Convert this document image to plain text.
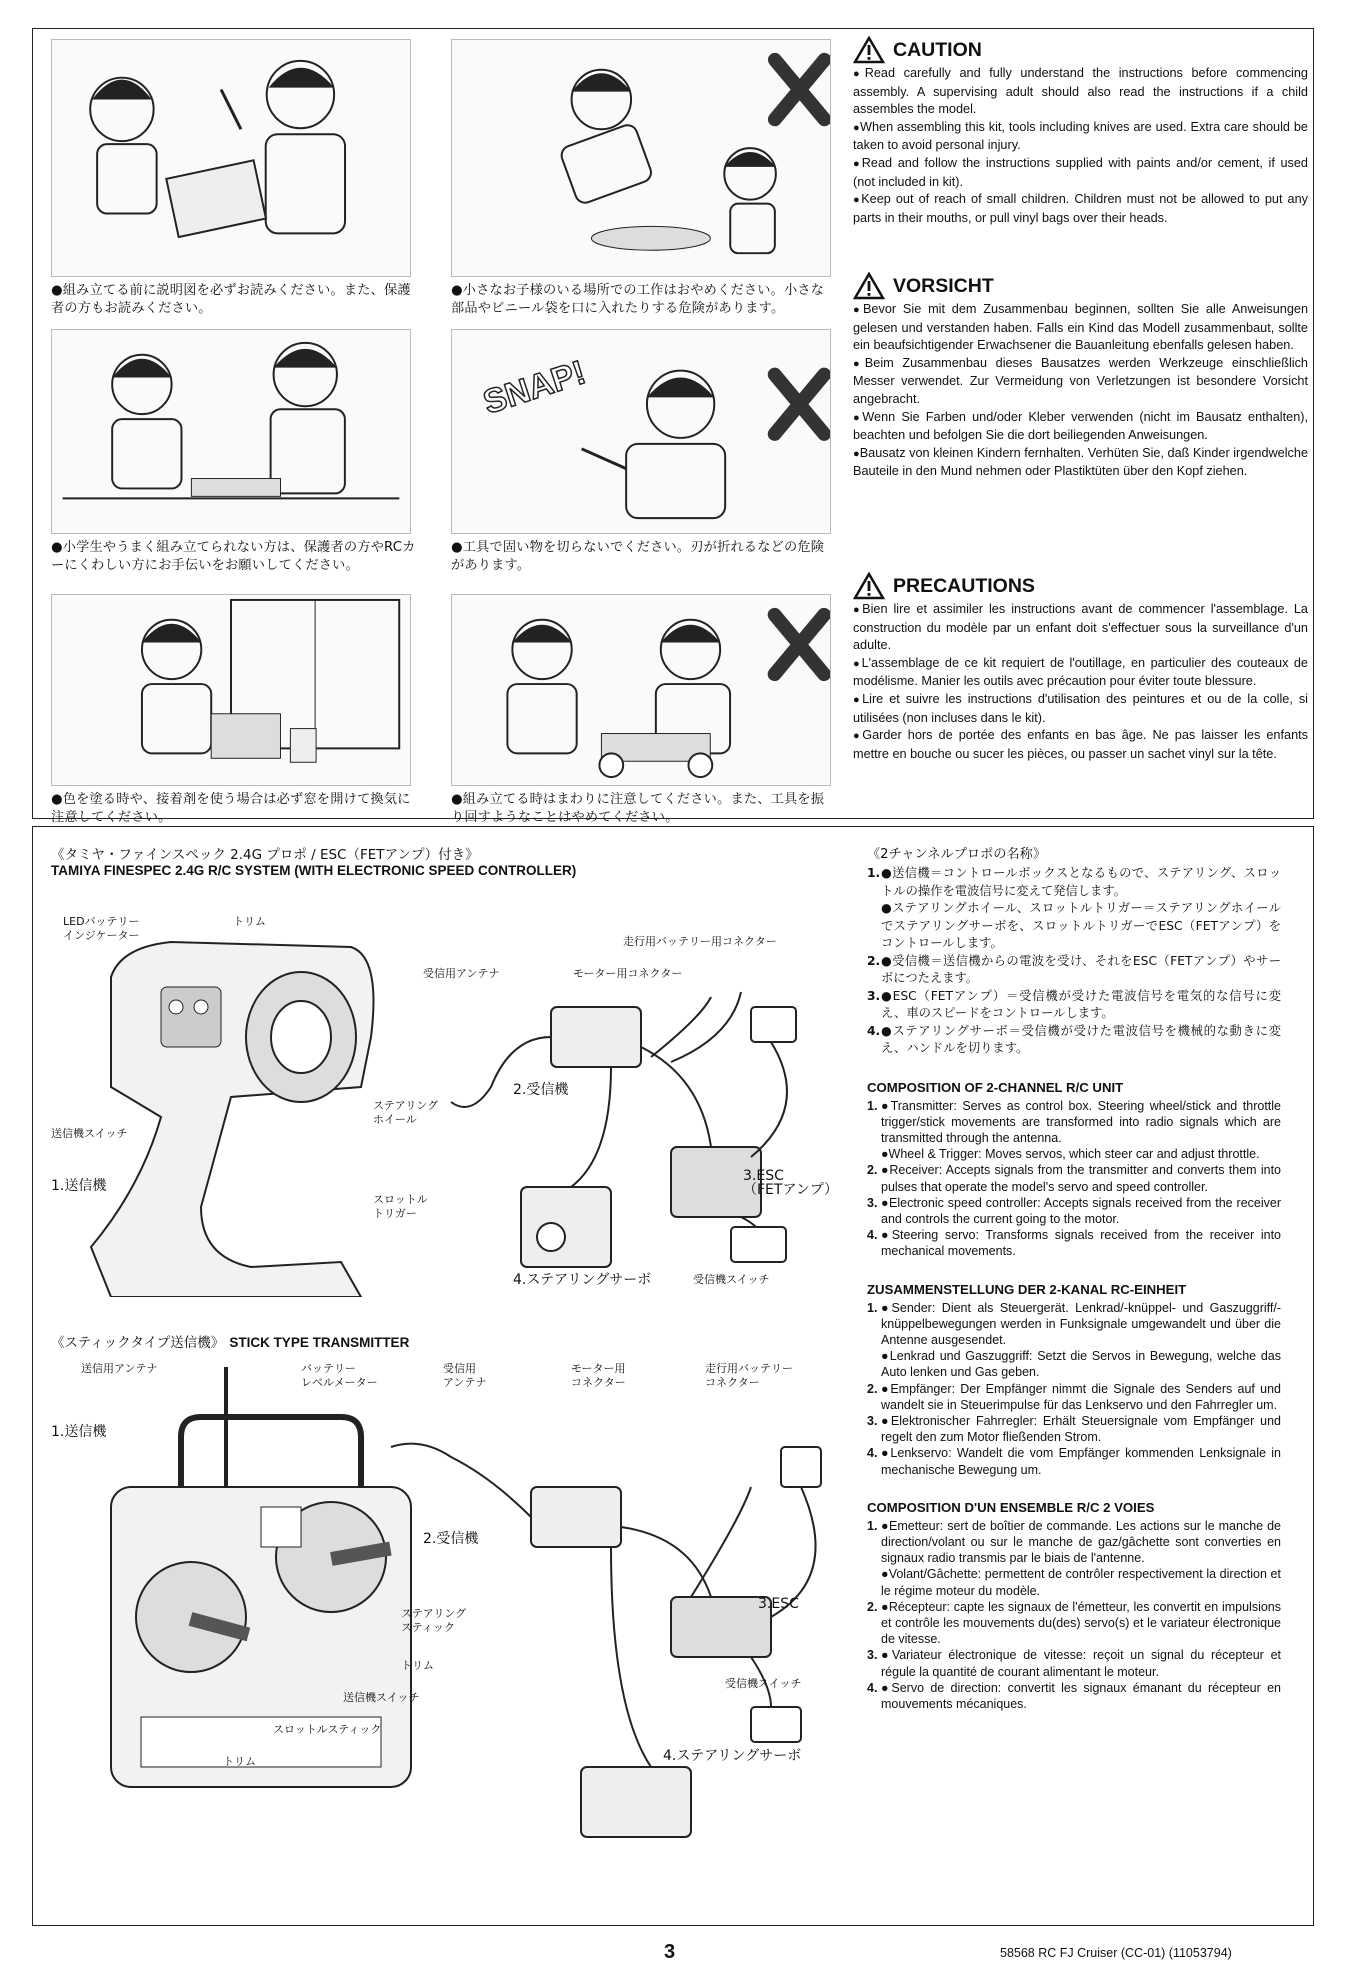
●組み立てる前に説明図を必ずお読みください。また、保護者の方もお読みください。
●小学生やうまく組み立てられない方は、保護者の方やRCカーにくわしい方にお手伝いをお願いしてください。
●色を塗る時や、接着剤を使う場合は必ず窓を開けて換気に注意してください。
●小さなお子様のいる場所での工作はおやめください。小さな部品やビニール袋を口に入れたりする危険があります。
SNAP!
●工具で固い物を切らないでください。刃が折れるなどの危険があります。
●組み立てる時はまわりに注意してください。また、工具を振り回すようなことはやめてください。
CAUTION

●Read carefully and fully understand the instructions before commencing assembly. A supervising adult should also read the instructions if a child assembles the model.

●When assembling this kit, tools including knives are used. Extra care should be taken to avoid personal injury.

●Read and follow the instructions supplied with paints and/or cement, if used (not included in kit).

●Keep out of reach of small children. Children must not be allowed to put any parts in their mouths, or pull vinyl bags over their heads.

VORSICHT

●Bevor Sie mit dem Zusammenbau beginnen, sollten Sie alle Anweisungen gelesen und verstanden haben. Falls ein Kind das Modell zusammenbaut, sollte ein beaufsichtigender Erwachsener die Bauanleitung ebenfalls gelesen haben.

●Beim Zusammenbau dieses Bausatzes werden Werkzeuge einschließlich Messer verwendet. Zur Vermeidung von Verletzungen ist besondere Vorsicht angebracht.

●Wenn Sie Farben und/oder Kleber verwenden (nicht im Bausatz enthalten), beachten und befolgen Sie die dort beiliegenden Anweisungen.

●Bausatz von kleinen Kindern fernhalten. Verhüten Sie, daß Kinder irgendwelche Bauteile in den Mund nehmen oder Plastiktüten über den Kopf ziehen.

PRECAUTIONS

●Bien lire et assimiler les instructions avant de commencer l'assemblage. La construction du modèle par un enfant doit s'effectuer sous la surveillance d'un adulte.

●L'assemblage de ce kit requiert de l'outillage, en particulier des couteaux de modélisme. Manier les outils avec précaution pour éviter toute blessure.

●Lire et suivre les instructions d'utilisation des peintures et ou de la colle, si utilisées (non incluses dans le kit).

●Garder hors de portée des enfants en bas âge. Ne pas laisser les enfants mettre en bouche ou sucer les pièces, ou passer un sachet vinyl sur la tête.

《タミヤ・ファインスペック 2.4G プロポ / ESC（FETアンプ）付き》
TAMIYA FINESPEC 2.4G R/C SYSTEM (WITH ELECTRONIC SPEED CONTROLLER)
LEDバッテリー
インジケーター
トリム
走行用バッテリー用コネクター
受信用アンテナ	モーター用コネクター
送信機スイッチ
ステアリング
ホイール
2.受信機
1.送信機
スロットル
トリガー
3.ESC
（FETアンプ）
4.ステアリングサーボ	受信機スイッチ
《スティックタイプ送信機》 STICK TYPE TRANSMITTER
送信用アンテナ	バッテリー
レベルメーター
受信用
アンテナ
モーター用
コネクター
走行用バッテリー
コネクター
1.送信機
2.受信機
ステアリング
スティック
3.ESC
トリム
送信機スイッチ
受信機スイッチ
スロットルスティック
トリム	4.ステアリングサーボ
《2チャンネルプロポの名称》
1. ●送信機＝コントロールボックスとなるもので、ステアリング、スロットルの操作を電波信号に変えて発信します。
●ステアリングホイール、スロットルトリガー＝ステアリングホイールでステアリングサーボを、スロットルトリガーでESC（FETアンプ）をコントロールします。
2. ●受信機＝送信機からの電波を受け、それをESC（FETアンプ）やサーボにつたえます。
3. ●ESC（FETアンプ）＝受信機が受けた電波信号を電気的な信号に変え、車のスピードをコントロールします。
4. ●ステアリングサーボ＝受信機が受けた電波信号を機械的な動きに変え、ハンドルを切ります。
COMPOSITION OF 2-CHANNEL R/C UNIT
1. ●Transmitter: Serves as control box. Steering wheel/stick and throttle trigger/stick movements are transformed into radio signals which are transmitted through the antenna.
●Wheel & Trigger: Moves servos, which steer car and adjust throttle.
2. ●Receiver: Accepts signals from the transmitter and converts them into pulses that operate the model's servo and speed controller.
3. ●Electronic speed controller: Accepts signals received from the receiver and controls the current going to the motor.
4. ●Steering servo: Transforms signals received from the receiver into mechanical movements.
ZUSAMMENSTELLUNG DER 2-KANAL RC-EINHEIT
1. ●Sender: Dient als Steuergerät. Lenkrad/-knüppel- und Gaszuggriff/- knüppelbewegungen werden in Funksignale umgewandelt und über die Antenne ausgesendet.
●Lenkrad und Gaszuggriff: Setzt die Servos in Bewegung, welche das Auto lenken und Gas geben.
2. ●Empfänger: Der Empfänger nimmt die Signale des Senders auf und wandelt sie in Steuerimpulse für das Lenkservo und den Fahrregler um.
3. ●Elektronischer Fahrregler: Erhält Steuersignale vom Empfänger und regelt den zum Motor fließenden Strom.
4. ●Lenkservo: Wandelt die vom Empfänger kommenden Lenksignale in mechanische Bewegung um.
COMPOSITION D'UN ENSEMBLE R/C 2 VOIES
1. ●Emetteur: sert de boîtier de commande. Les actions sur le manche de direction/volant ou sur le manche de gaz/gâchette sont converties en signaux radio transmis par le biais de l'antenne.
●Volant/Gâchette: permettent de contrôler respectivement la direction et le régime moteur du modèle.
2. ●Récepteur: capte les signaux de l'émetteur, les convertit en impulsions et contrôle les mouvements du(des) servo(s) et le variateur électronique de vitesse.
3. ●Variateur électronique de vitesse: reçoit un signal du récepteur et régule la quantité de courant alimentant le moteur.
4. ●Servo de direction: convertit les signaux émanant du récepteur en mouvements mécaniques.
3	58568 RC FJ Cruiser (CC-01) (11053794)
